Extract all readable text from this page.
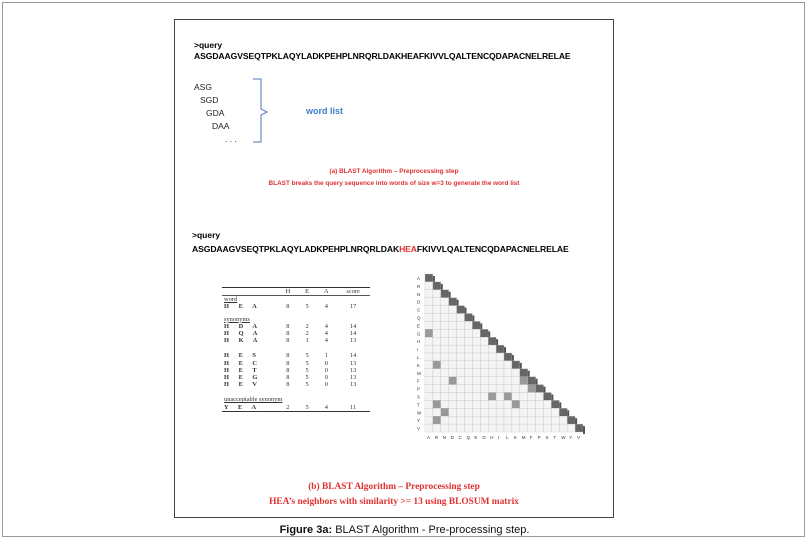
>query
ASGDAAGVSEQTPKLAQYLADKPEHPLNRQRLDAKHEAFKIVVLQALTENCQDAPACNELRELAE
ASG
SGD
GDA
DAA
. . .
word list
(a) BLAST Algorithm – Preprocessing step
BLAST breaks the query sequence into words of size w=3 to generate the word list
>query
ASGDAAGVSEQTPKLAQYLADKPEHPLNRQRLDAKHEAFKIVVLQALTENCQDAPACNELRELAE
	H	E	A	score
word				
H E A	8	5	4	17

synonyms				
H D A	8	2	4	14
H Q A	8	2	4	14
H K A	8	1	4	13

H E S	8	5	1	14
H E C	8	5	0	13
H E T	8	5	0	13
H E G	8	5	0	13
H E V	8	5	0	13

unacceptable synonym				
Y E A	2	5	4	11
A
R
N
D
C
Q
E
G
H
I
L
K
M
F
P
S
T
W
Y
V
A R N D C Q E G H I L K M F P S T W Y V
(b) BLAST Algorithm – Preprocessing step
HEA’s neighbors with similarity >= 13 using BLOSUM matrix
Figure 3a: BLAST Algorithm - Pre-processing step.
